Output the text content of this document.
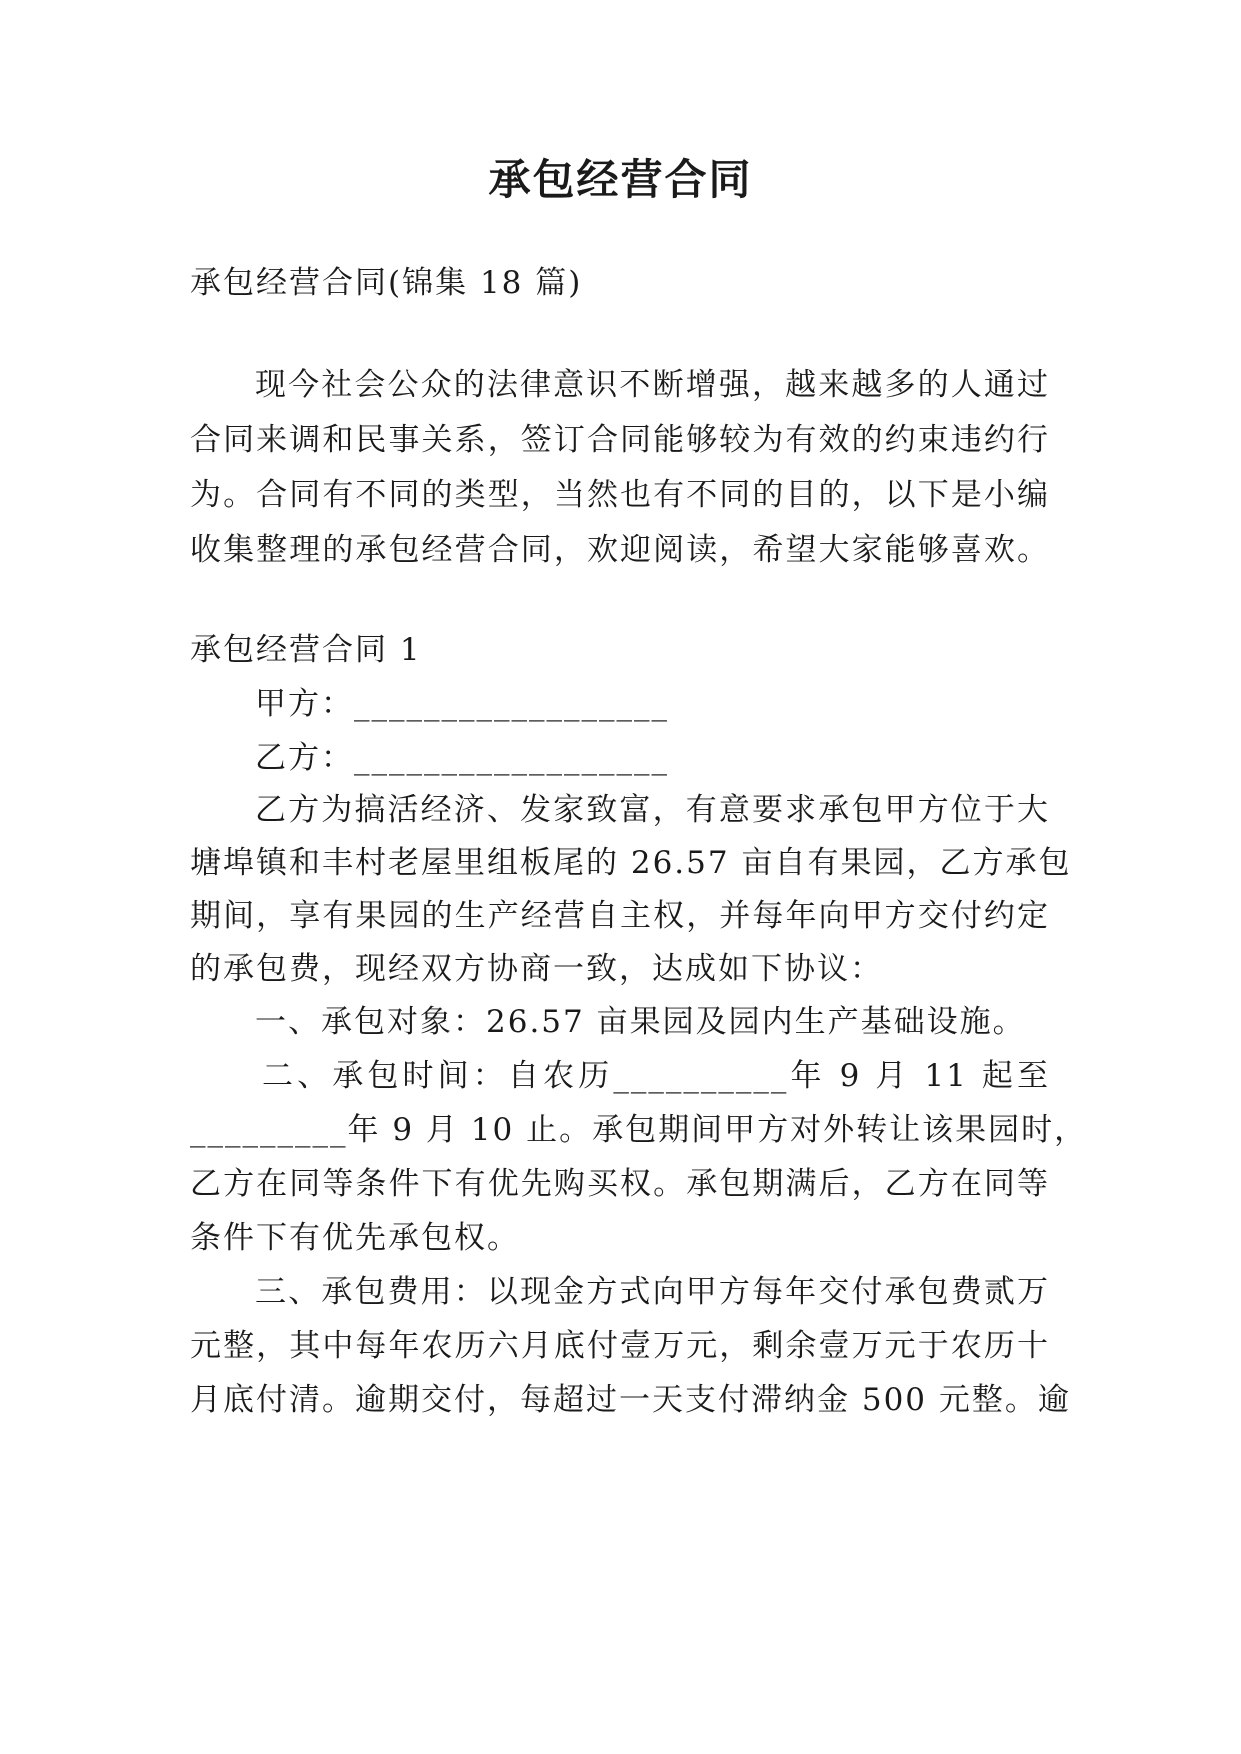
承包经营合同
承包经营合同(锦集 18 篇)
现今社会公众的法律意识不断增强，越来越多的人通过
合同来调和民事关系，签订合同能够较为有效的约束违约行
为。合同有不同的类型，当然也有不同的目的，以下是小编
收集整理的承包经营合同，欢迎阅读，希望大家能够喜欢。
承包经营合同 1
甲方：__________________
乙方：__________________
乙方为搞活经济、发家致富，有意要求承包甲方位于大
塘埠镇和丰村老屋里组板尾的 26.57 亩自有果园，乙方承包
期间，享有果园的生产经营自主权，并每年向甲方交付约定
的承包费，现经双方协商一致，达成如下协议：
一、承包对象：26.57 亩果园及园内生产基础设施。
二、承包时间：自农历__________年 9 月 11 起至
_________年 9 月 10 止。承包期间甲方对外转让该果园时，
乙方在同等条件下有优先购买权。承包期满后，乙方在同等
条件下有优先承包权。
三、承包费用：以现金方式向甲方每年交付承包费贰万
元整，其中每年农历六月底付壹万元，剩余壹万元于农历十
月底付清。逾期交付，每超过一天支付滞纳金 500 元整。逾
